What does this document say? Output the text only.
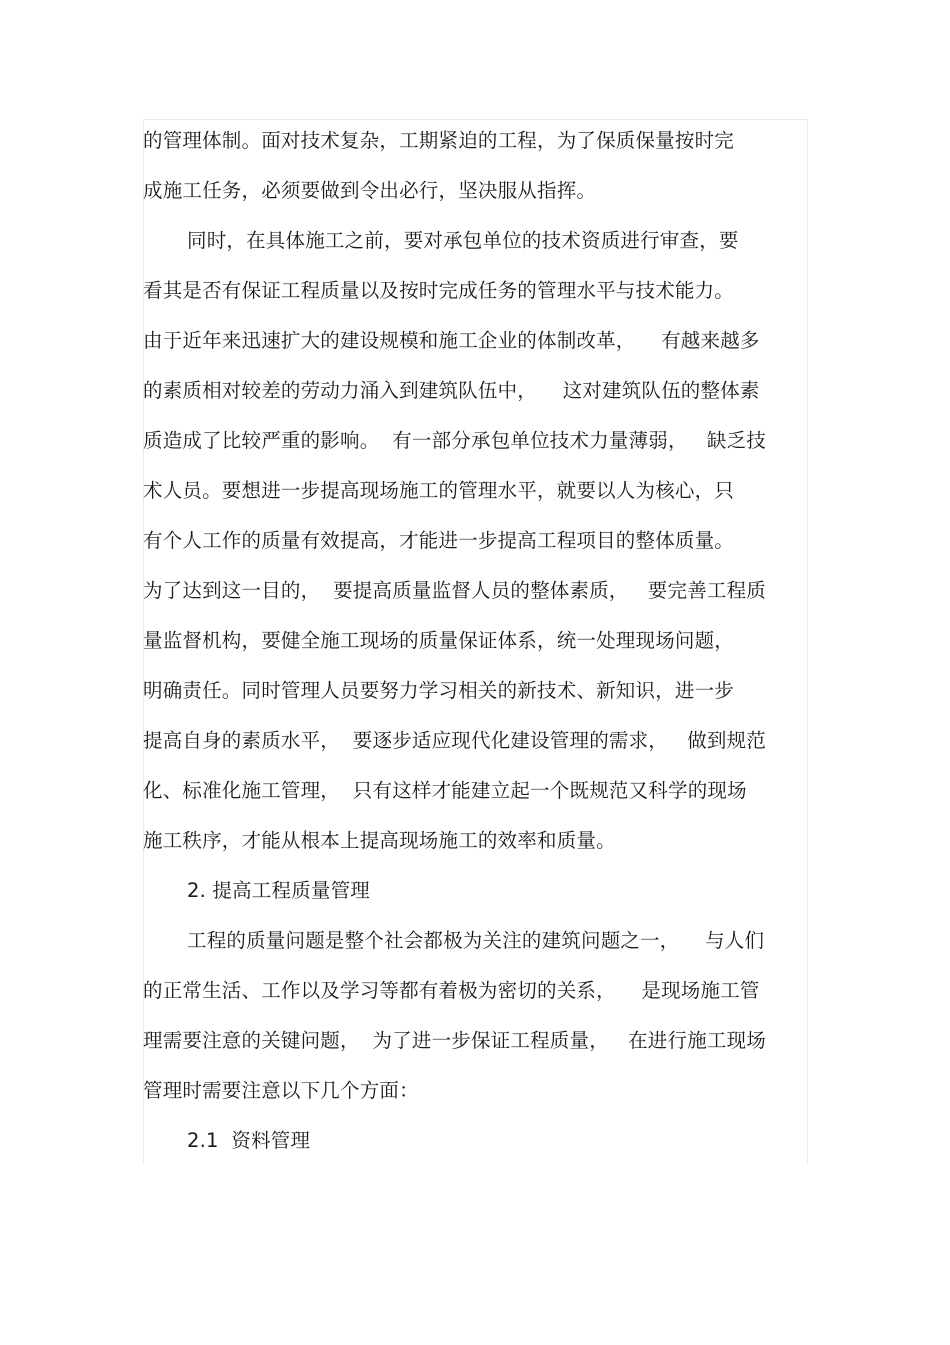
的管理体制。面对技术复杂，工期紧迫的工程，为了保质保量按时完
成施工任务，必须要做到令出必行，坚决服从指挥。
同时，在具体施工之前，要对承包单位的技术资质进行审查，要
看其是否有保证工程质量以及按时完成任务的管理水平与技术能力。
由于近年来迅速扩大的建设规模和施工企业的体制改革，    有越来越多
的素质相对较差的劳动力涌入到建筑队伍中，    这对建筑队伍的整体素
质造成了比较严重的影响。  有一部分承包单位技术力量薄弱，   缺乏技
术人员。要想进一步提高现场施工的管理水平，就要以人为核心，只
有个人工作的质量有效提高，才能进一步提高工程项目的整体质量。
为了达到这一目的，  要提高质量监督人员的整体素质，   要完善工程质
量监督机构，要健全施工现场的质量保证体系，统一处理现场问题，
明确责任。同时管理人员要努力学习相关的新技术、新知识，进一步
提高自身的素质水平，  要逐步适应现代化建设管理的需求，   做到规范
化、标准化施工管理，  只有这样才能建立起一个既规范又科学的现场
施工秩序，才能从根本上提高现场施工的效率和质量。
2. 提高工程质量管理
工程的质量问题是整个社会都极为关注的建筑问题之一，    与人们
的正常生活、工作以及学习等都有着极为密切的关系，    是现场施工管
理需要注意的关键问题，  为了进一步保证工程质量，   在进行施工现场
管理时需要注意以下几个方面：
2.1  资料管理
